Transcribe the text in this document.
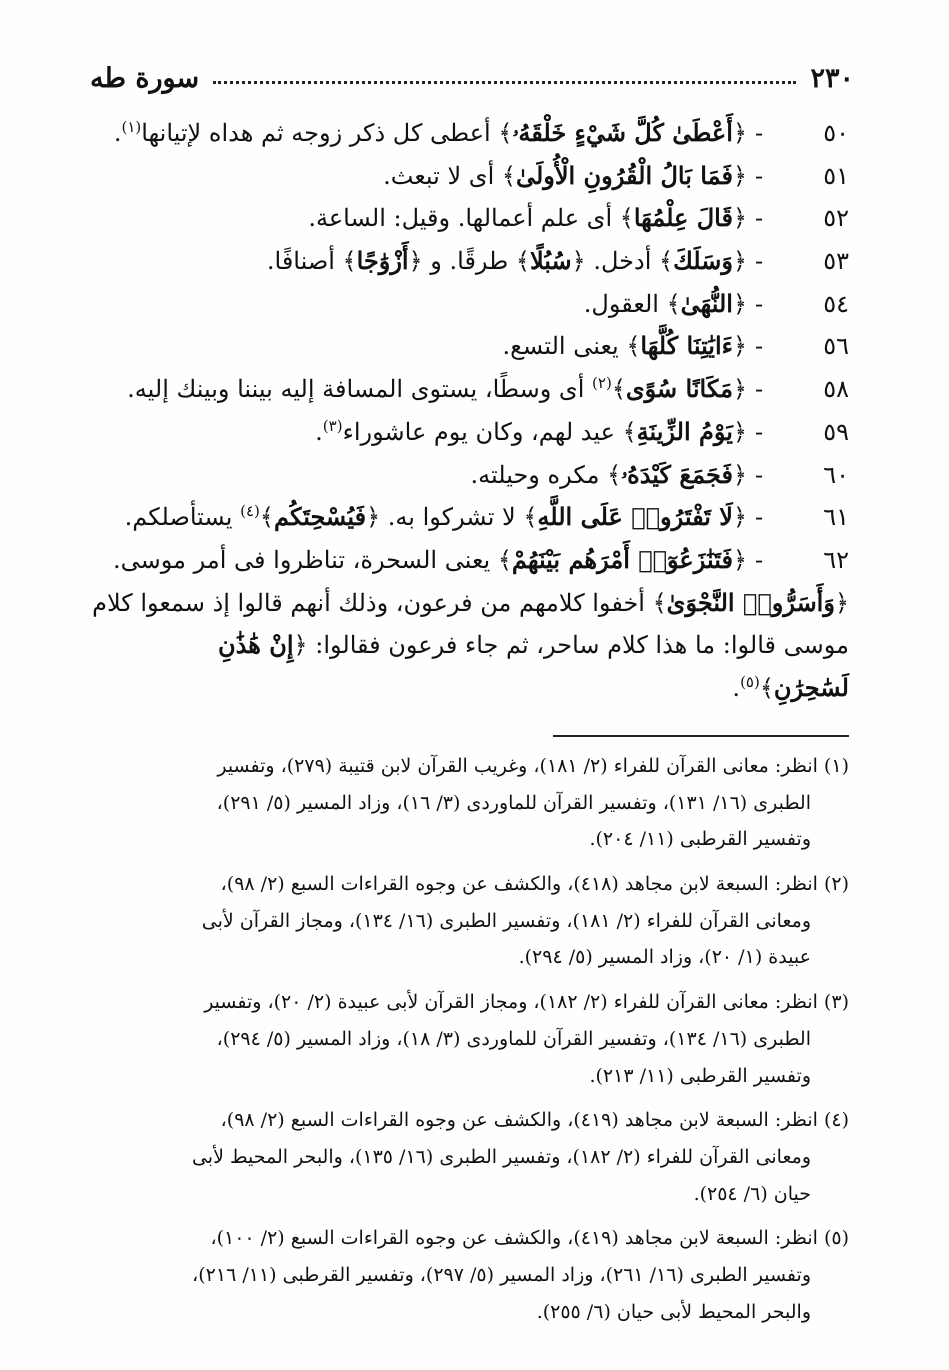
٢٣٠
سورة طه
٥٠
-
﴿أَعْطَىٰ كُلَّ شَيْءٍ خَلْقَهُۥ﴾ أعطى كل ذكر زوجه ثم هداه لإتيانها$^{(١)}$.
٥١
-
﴿فَمَا بَالُ الْقُرُونِ الْأُولَىٰ﴾ أى لا تبعث.
٥٢
-
﴿قَالَ عِلْمُهَا﴾ أى علم أعمالها. وقيل: الساعة.
٥٣
-
﴿وَسَلَكَ﴾ أدخل. ﴿سُبُلًا﴾ طرقًا. و ﴿أَزْوَٰجًا﴾ أصنافًا.
٥٤
-
﴿النُّهَىٰ﴾ العقول.
٥٦
-
﴿ءَايَٰتِنَا كُلَّهَا﴾ يعنى التسع.
٥٨
-
﴿مَكَانًا سُوًى﴾$^{(٢)}$ أى وسطًا، يستوى المسافة إليه بيننا وبينك إليه.
٥٩
-
﴿يَوْمُ الزِّينَةِ﴾ عيد لهم، وكان يوم عاشوراء$^{(٣)}$.
٦٠
-
﴿فَجَمَعَ كَيْدَهُۥ﴾ مكره وحيلته.
٦١
-
﴿لَا تَفْتَرُوا۟ عَلَى اللَّهِ﴾ لا تشركوا به. ﴿فَيُسْحِتَكُم﴾$^{(٤)}$ يستأصلكم.
٦٢
-
﴿فَتَنَٰزَعُوٓا۟ أَمْرَهُم بَيْنَهُمْ﴾ يعنى السحرة، تناظروا فى أمر موسى.
﴿وَأَسَرُّوا۟ النَّجْوَىٰ﴾ أخفوا كلامهم من فرعون، وذلك أنهم قالوا إذ سمعوا كلام
موسى قالوا: ما هذا كلام ساحر، ثم جاء فرعون فقالوا: ﴿إِنْ هَٰذَٰنِ
لَسَٰحِرَٰنِ﴾$^{(٥)}$.
(١) انظر: معانى القرآن للفراء (٢/ ١٨١)، وغريب القرآن لابن قتيبة (٢٧٩)، وتفسير
الطبرى (١٦/ ١٣١)، وتفسير القرآن للماوردى (٣/ ١٦)، وزاد المسير (٥/ ٢٩١)،
وتفسير القرطبى (١١/ ٢٠٤).
(٢) انظر: السبعة لابن مجاهد (٤١٨)، والكشف عن وجوه القراءات السبع (٢/ ٩٨)،
ومعانى القرآن للفراء (٢/ ١٨١)، وتفسير الطبرى (١٦/ ١٣٤)، ومجاز القرآن لأبى
عبيدة (١/ ٢٠)، وزاد المسير (٥/ ٢٩٤).
(٣) انظر: معانى القرآن للفراء (٢/ ١٨٢)، ومجاز القرآن لأبى عبيدة (٢/ ٢٠)، وتفسير
الطبرى (١٦/ ١٣٤)، وتفسير القرآن للماوردى (٣/ ١٨)، وزاد المسير (٥/ ٢٩٤)،
وتفسير القرطبى (١١/ ٢١٣).
(٤) انظر: السبعة لابن مجاهد (٤١٩)، والكشف عن وجوه القراءات السبع (٢/ ٩٨)،
ومعانى القرآن للفراء (٢/ ١٨٢)، وتفسير الطبرى (١٦/ ١٣٥)، والبحر المحيط لأبى
حيان (٦/ ٢٥٤).
(٥) انظر: السبعة لابن مجاهد (٤١٩)، والكشف عن وجوه القراءات السبع (٢/ ١٠٠)،
وتفسير الطبرى (١٦/ ٢٦١)، وزاد المسير (٥/ ٢٩٧)، وتفسير القرطبى (١١/ ٢١٦)،
والبحر المحيط لأبى حيان (٦/ ٢٥٥).
